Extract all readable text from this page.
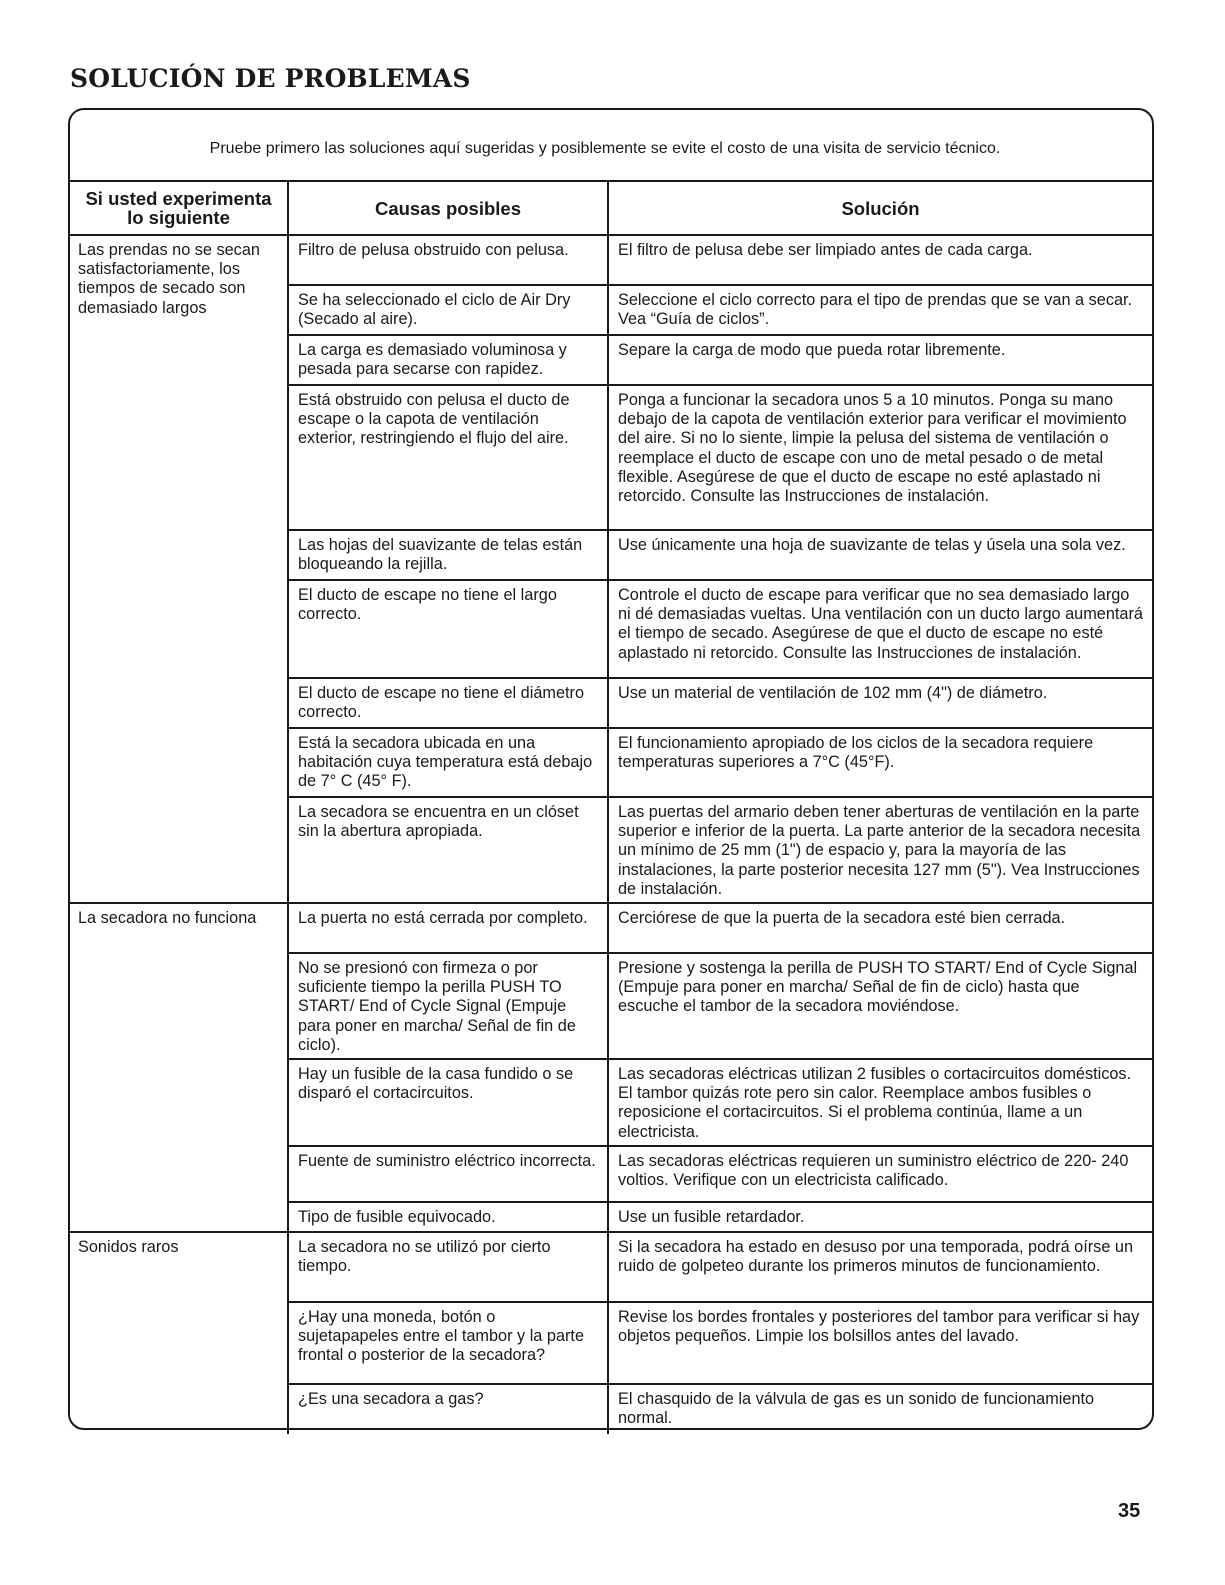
SOLUCIÓN DE PROBLEMAS

Pruebe primero las soluciones aquí sugeridas y posiblemente se evite el costo de una visita de servicio técnico.

Si usted experimenta lo siguiente	Causas posibles	Solución
Las prendas no se secan satisfactoriamente, los tiempos de secado son demasiado largos	Filtro de pelusa obstruido con pelusa.	El filtro de pelusa debe ser limpiado antes de cada carga.
	Se ha seleccionado el ciclo de Air Dry (Secado al aire).	Seleccione el ciclo correcto para el tipo de prendas que se van a secar. Vea “Guía de ciclos”.
	La carga es demasiado voluminosa y pesada para secarse con rapidez.	Separe la carga de modo que pueda rotar libremente.
	Está obstruido con pelusa el ducto de escape o la capota de ventilación exterior, restringiendo el flujo del aire.	Ponga a funcionar la secadora unos 5 a 10 minutos. Ponga su mano debajo de la capota de ventilación exterior para verificar el movimiento del aire. Si no lo siente, limpie la pelusa del sistema de ventilación o reemplace el ducto de escape con uno de metal pesado o de metal flexible. Asegúrese de que el ducto de escape no esté aplastado ni retorcido. Consulte las Instrucciones de instalación.
	Las hojas del suavizante de telas están bloqueando la rejilla.	Use únicamente una hoja de suavizante de telas y úsela una sola vez.
	El ducto de escape no tiene el largo correcto.	Controle el ducto de escape para verificar que no sea demasiado largo ni dé demasiadas vueltas. Una ventilación con un ducto largo aumentará el tiempo de secado. Asegúrese de que el ducto de escape no esté aplastado ni retorcido. Consulte las Instrucciones de instalación.
	El ducto de escape no tiene el diámetro correcto.	Use un material de ventilación de 102 mm (4") de diámetro.
	Está la secadora ubicada en una habitación cuya temperatura está debajo de 7° C (45° F).	El funcionamiento apropiado de los ciclos de la secadora requiere temperaturas superiores a 7°C (45°F).
	La secadora se encuentra en un clóset sin la abertura apropiada.	Las puertas del armario deben tener aberturas de ventilación en la parte superior e inferior de la puerta. La parte anterior de la secadora necesita un mínimo de 25 mm (1") de espacio y, para la mayoría de las instalaciones, la parte posterior necesita 127 mm (5"). Vea Instrucciones de instalación.
La secadora no funciona	La puerta no está cerrada por completo.	Cerciórese de que la puerta de la secadora esté bien cerrada.
	No se presionó con firmeza o por suficiente tiempo la perilla PUSH TO START/ End of Cycle Signal (Empuje para poner en marcha/ Señal de fin de ciclo).	Presione y sostenga la perilla de PUSH TO START/ End of Cycle Signal (Empuje para poner en marcha/ Señal de fin de ciclo) hasta que escuche el tambor de la secadora moviéndose.
	Hay un fusible de la casa fundido o se disparó el cortacircuitos.	Las secadoras eléctricas utilizan 2 fusibles o cortacircuitos domésticos. El tambor quizás rote pero sin calor. Reemplace ambos fusibles o reposicione el cortacircuitos. Si el problema continúa, llame a un electricista.
	Fuente de suministro eléctrico incorrecta.	Las secadoras eléctricas requieren un suministro eléctrico de 220- 240 voltios. Verifique con un electricista calificado.
	Tipo de fusible equivocado.	Use un fusible retardador.
Sonidos raros	La secadora no se utilizó por cierto tiempo.	Si la secadora ha estado en desuso por una temporada, podrá oírse un ruido de golpeteo durante los primeros minutos de funcionamiento.
	¿Hay una moneda, botón o sujetapapeles entre el tambor y la parte frontal o posterior de la secadora?	Revise los bordes frontales y posteriores del tambor para verificar si hay objetos pequeños. Limpie los bolsillos antes del lavado.
	¿Es una secadora a gas?	El chasquido de la válvula de gas es un sonido de funcionamiento normal.
35
